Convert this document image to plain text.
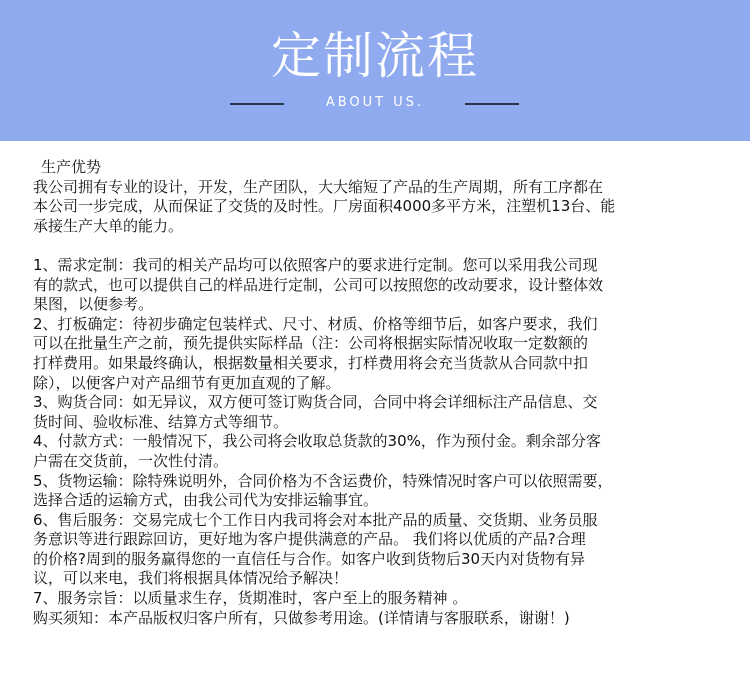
定制流程
ABOUT US.
生产优势
我公司拥有专业的设计，开发，生产团队，大大缩短了产品的生产周期，所有工序都在
本公司一步完成，从而保证了交货的及时性。厂房面积4000多平方米，注塑机13台、能
承接生产大单的能力。
1、需求定制：我司的相关产品均可以依照客户的要求进行定制。您可以采用我公司现
有的款式，也可以提供自己的样品进行定制，公司可以按照您的改动要求，设计整体效
果图，以便参考。
2、打板确定：待初步确定包装样式、尺寸、材质、价格等细节后，如客户要求，我们
可以在批量生产之前，预先提供实际样品（注：公司将根据实际情况收取一定数额的
打样费用。如果最终确认，根据数量相关要求，打样费用将会充当货款从合同款中扣
除），以便客户对产品细节有更加直观的了解。
3、购货合同：如无异议，双方便可签订购货合同，合同中将会详细标注产品信息、交
货时间、验收标准、结算方式等细节。
4、付款方式：一般情况下，我公司将会收取总货款的30%，作为预付金。剩余部分客
户需在交货前，一次性付清。
5、货物运输：除特殊说明外，合同价格为不含运费价，特殊情况时客户可以依照需要，
选择合适的运输方式，由我公司代为安排运输事宜。
6、售后服务：交易完成七个工作日内我司将会对本批产品的质量、交货期、业务员服
务意识等进行跟踪回访，更好地为客户提供满意的产品。 我们将以优质的产品?合理
的价格?周到的服务赢得您的一直信任与合作。如客户收到货物后30天内对货物有异
议，可以来电，我们将根据具体情况给予解决！
7、服务宗旨：以质量求生存，货期准时，客户至上的服务精神 。
购买须知：本产品版权归客户所有，只做参考用途。(详情请与客服联系，谢谢！)
